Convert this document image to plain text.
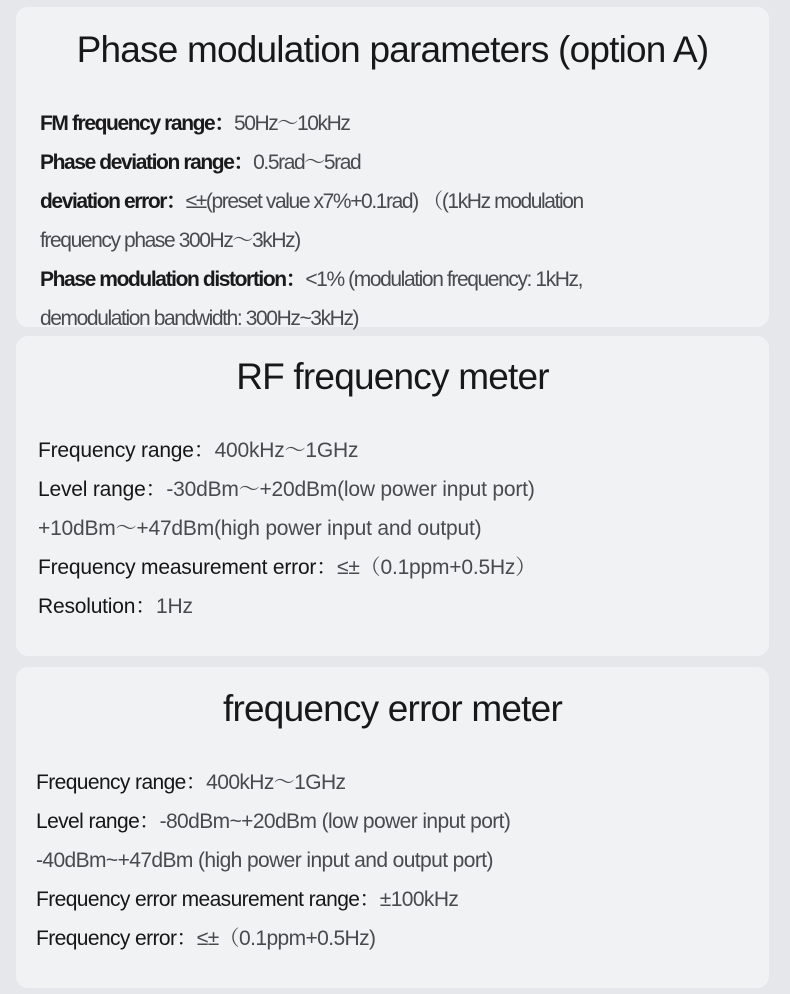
Phase modulation parameters (option A)
FM frequency range：50Hz～10kHz
Phase deviation range：0.5rad～5rad
deviation error：≤±(preset value x7%+0.1rad) （(1kHz modulation
frequency phase 300Hz～3kHz)
Phase modulation distortion：<1% (modulation frequency: 1kHz,
demodulation bandwidth: 300Hz~3kHz)
RF frequency meter
Frequency range：400kHz～1GHz
Level range：-30dBm～+20dBm(low power input port)
+10dBm～+47dBm(high power input and output)
Frequency measurement error：≤±（0.1ppm+0.5Hz）
Resolution：1Hz
frequency error meter
Frequency range：400kHz～1GHz
Level range：-80dBm~+20dBm (low power input port)
-40dBm~+47dBm (high power input and output port)
Frequency error measurement range：±100kHz
Frequency error：≤±（0.1ppm+0.5Hz)
